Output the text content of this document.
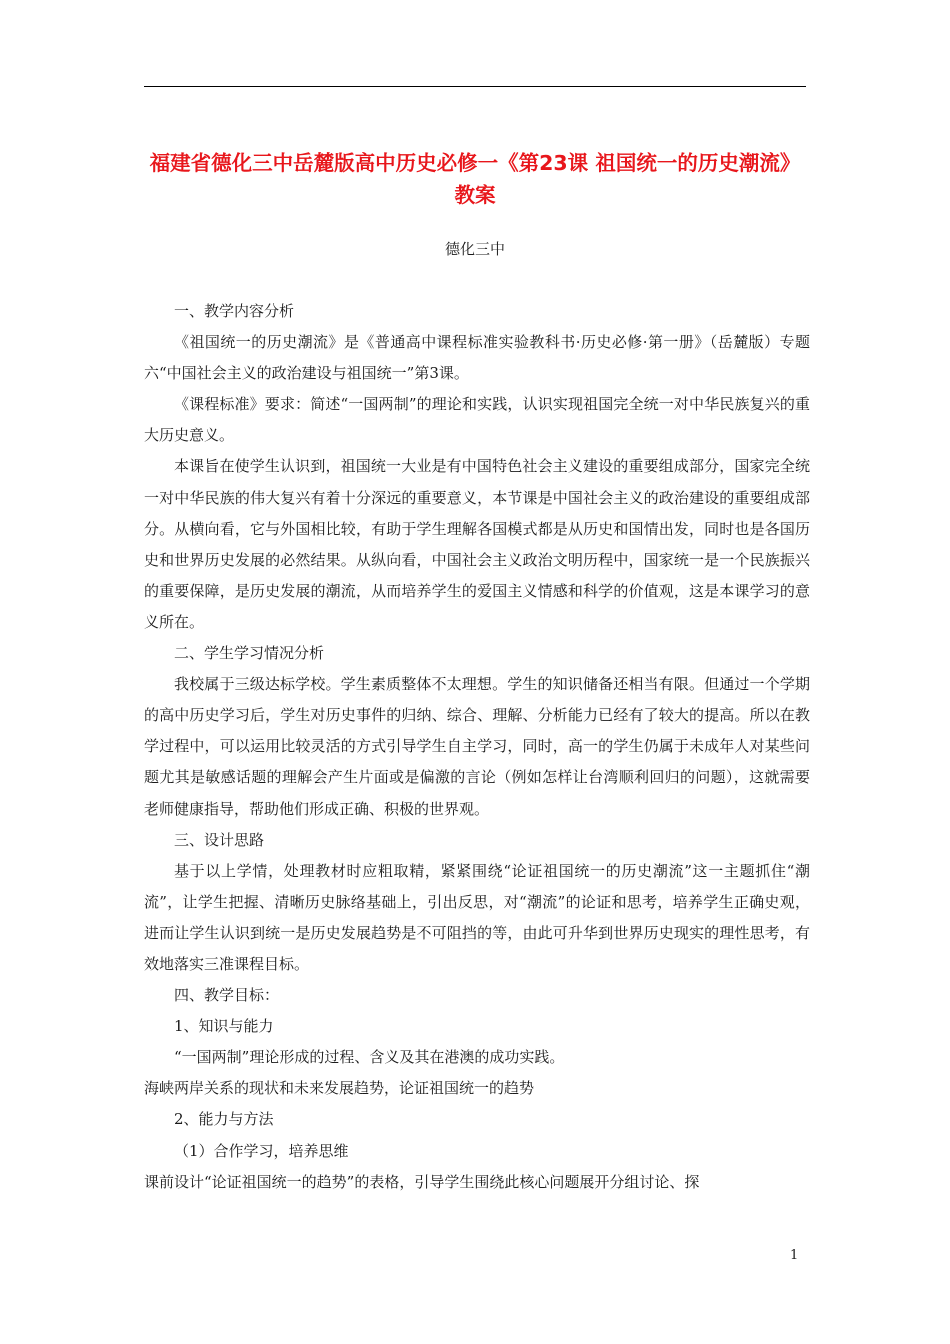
福建省德化三中岳麓版高中历史必修一《第23课 祖国统一的历史潮流》教案
德化三中

一、教学内容分析

《祖国统一的历史潮流》是《普通高中课程标准实验教科书·历史必修·第一册》（岳麓版）专题六“中国社会主义的政治建设与祖国统一”第3课。

《课程标准》要求：简述“一国两制”的理论和实践，认识实现祖国完全统一对中华民族复兴的重大历史意义。

本课旨在使学生认识到，祖国统一大业是有中国特色社会主义建设的重要组成部分，国家完全统一对中华民族的伟大复兴有着十分深远的重要意义，本节课是中国社会主义的政治建设的重要组成部分。从横向看，它与外国相比较，有助于学生理解各国模式都是从历史和国情出发，同时也是各国历史和世界历史发展的必然结果。从纵向看，中国社会主义政治文明历程中，国家统一是一个民族振兴的重要保障，是历史发展的潮流，从而培养学生的爱国主义情感和科学的价值观，这是本课学习的意义所在。

二、学生学习情况分析

我校属于三级达标学校。学生素质整体不太理想。学生的知识储备还相当有限。但通过一个学期的高中历史学习后，学生对历史事件的归纳、综合、理解、分析能力已经有了较大的提高。所以在教学过程中，可以运用比较灵活的方式引导学生自主学习，同时，高一的学生仍属于未成年人对某些问题尤其是敏感话题的理解会产生片面或是偏激的言论（例如怎样让台湾顺利回归的问题），这就需要老师健康指导，帮助他们形成正确、积极的世界观。

三、设计思路

基于以上学情，处理教材时应粗取精，紧紧围绕“论证祖国统一的历史潮流”这一主题抓住“潮流”，让学生把握、清晰历史脉络基础上，引出反思，对“潮流”的论证和思考，培养学生正确史观，进而让学生认识到统一是历史发展趋势是不可阻挡的等，由此可升华到世界历史现实的理性思考，有效地落实三准课程目标。

四、教学目标：

1、知识与能力

“一国两制”理论形成的过程、含义及其在港澳的成功实践。

海峡两岸关系的现状和未来发展趋势，论证祖国统一的趋势

2、能力与方法

（1）合作学习，培养思维

课前设计“论证祖国统一的趋势”的表格，引导学生围绕此核心问题展开分组讨论、探

1
